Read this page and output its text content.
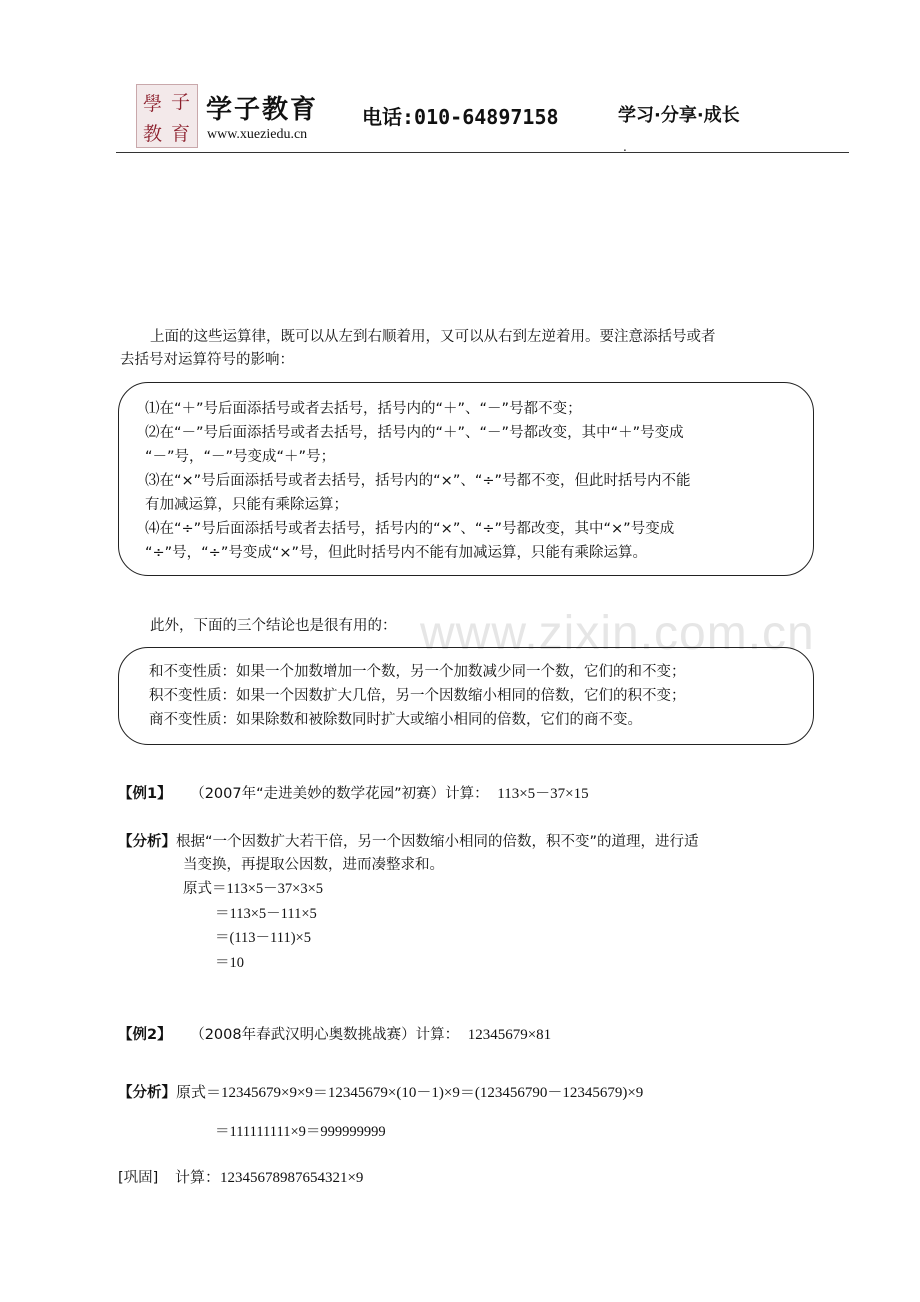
學 子
教 育
学子教育
www.xueziedu.cn
电话:010-64897158	学习·分享·成长
.
上面的这些运算律，既可以从左到右顺着用，又可以从右到左逆着用。要注意添括号或者
去括号对运算符号的影响：
⑴在“＋”号后面添括号或者去括号，括号内的“＋”、“－”号都不变；
⑵在“－”号后面添括号或者去括号，括号内的“＋”、“－”号都改变，其中“＋”号变成
“－”号，“－”号变成“＋”号；
⑶在“×”号后面添括号或者去括号，括号内的“×”、“÷”号都不变，但此时括号内不能
有加减运算，只能有乘除运算；
⑷在“÷”号后面添括号或者去括号，括号内的“×”、“÷”号都改变，其中“×”号变成
“÷”号，“÷”号变成“×”号，但此时括号内不能有加减运算，只能有乘除运算。
www.zixin.com.cn
此外，下面的三个结论也是很有用的：
和不变性质：如果一个加数增加一个数，另一个加数减少同一个数，它们的和不变；
积不变性质：如果一个因数扩大几倍，另一个因数缩小相同的倍数，它们的积不变；
商不变性质：如果除数和被除数同时扩大或缩小相同的倍数，它们的商不变。
【例1】 （2007年“走进美妙的数学花园”初赛）计算： 113×5－37×15
【分析】根据“一个因数扩大若干倍，另一个因数缩小相同的倍数，积不变”的道理，进行适
当变换，再提取公因数，进而凑整求和。
原式＝113×5－37×3×5
＝113×5－111×5
＝(113－111)×5
＝10
【例2】 （2008年春武汉明心奥数挑战赛）计算： 12345679×81
【分析】原式＝12345679×9×9＝12345679×(10－1)×9＝(123456790－12345679)×9
＝111111111×9＝999999999
[巩固] 计算：12345678987654321×9
